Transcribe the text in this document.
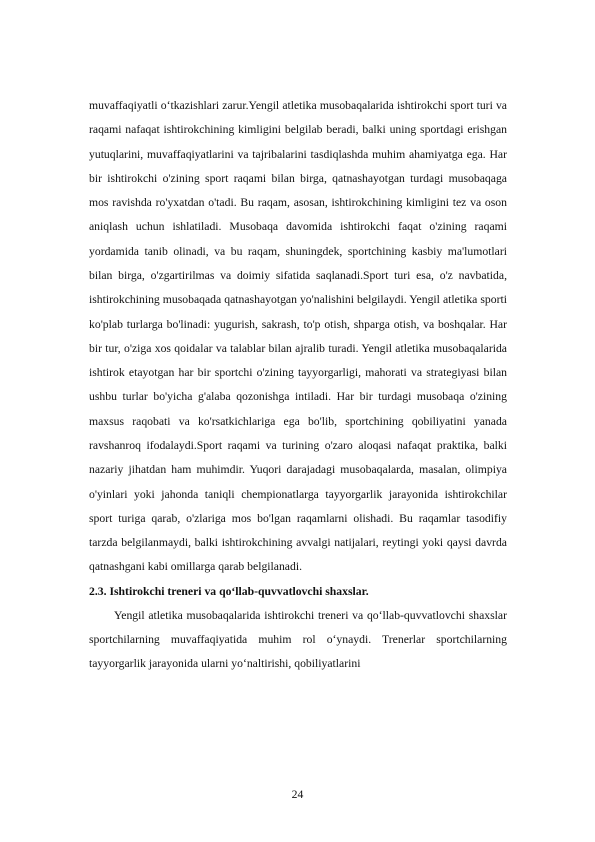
muvaffaqiyatli o‘tkazishlari zarur.Yengil atletika musobaqalarida ishtirokchi sport turi va raqami nafaqat ishtirokchining kimligini belgilab beradi, balki uning sportdagi erishgan yutuqlarini, muvaffaqiyatlarini va tajribalarini tasdiqlashda muhim ahamiyatga ega. Har bir ishtirokchi o'zining sport raqami bilan birga, qatnashayotgan turdagi musobaqaga mos ravishda ro'yxatdan o'tadi. Bu raqam, asosan, ishtirokchining kimligini tez va oson aniqlash uchun ishlatiladi. Musobaqa davomida ishtirokchi faqat o'zining raqami yordamida tanib olinadi, va bu raqam, shuningdek, sportchining kasbiy ma'lumotlari bilan birga, o'zgartirilmas va doimiy sifatida saqlanadi.Sport turi esa, o'z navbatida, ishtirokchining musobaqada qatnashayotgan yo'nalishini belgilaydi. Yengil atletika sporti ko'plab turlarga bo'linadi: yugurish, sakrash, to'p otish, shparga otish, va boshqalar. Har bir tur, o'ziga xos qoidalar va talablar bilan ajralib turadi. Yengil atletika musobaqalarida ishtirok etayotgan har bir sportchi o'zining tayyorgarligi, mahorati va strategiyasi bilan ushbu turlar bo'yicha g'alaba qozonishga intiladi. Har bir turdagi musobaqa o'zining maxsus raqobati va ko'rsatkichlariga ega bo'lib, sportchining qobiliyatini yanada ravshanroq ifodalaydi.Sport raqami va turining o'zaro aloqasi nafaqat praktika, balki nazariy jihatdan ham muhimdir. Yuqori darajadagi musobaqalarda, masalan, olimpiya o'yinlari yoki jahonda taniqli chempionatlarga tayyorgarlik jarayonida ishtirokchilar sport turiga qarab, o'zlariga mos bo'lgan raqamlarni olishadi. Bu raqamlar tasodifiy tarzda belgilanmaydi, balki ishtirokchining avvalgi natijalari, reytingi yoki qaysi davrda qatnashgani kabi omillarga qarab belgilanadi.

2.3. Ishtirokchi treneri va qo‘llab-quvvatlovchi shaxslar.

Yengil atletika musobaqalarida ishtirokchi treneri va qo‘llab-quvvatlovchi shaxslar sportchilarning muvaffaqiyatida muhim rol o‘ynaydi. Trenerlar sportchilarning tayyorgarlik jarayonida ularni yo‘naltirishi, qobiliyatlarini

24
